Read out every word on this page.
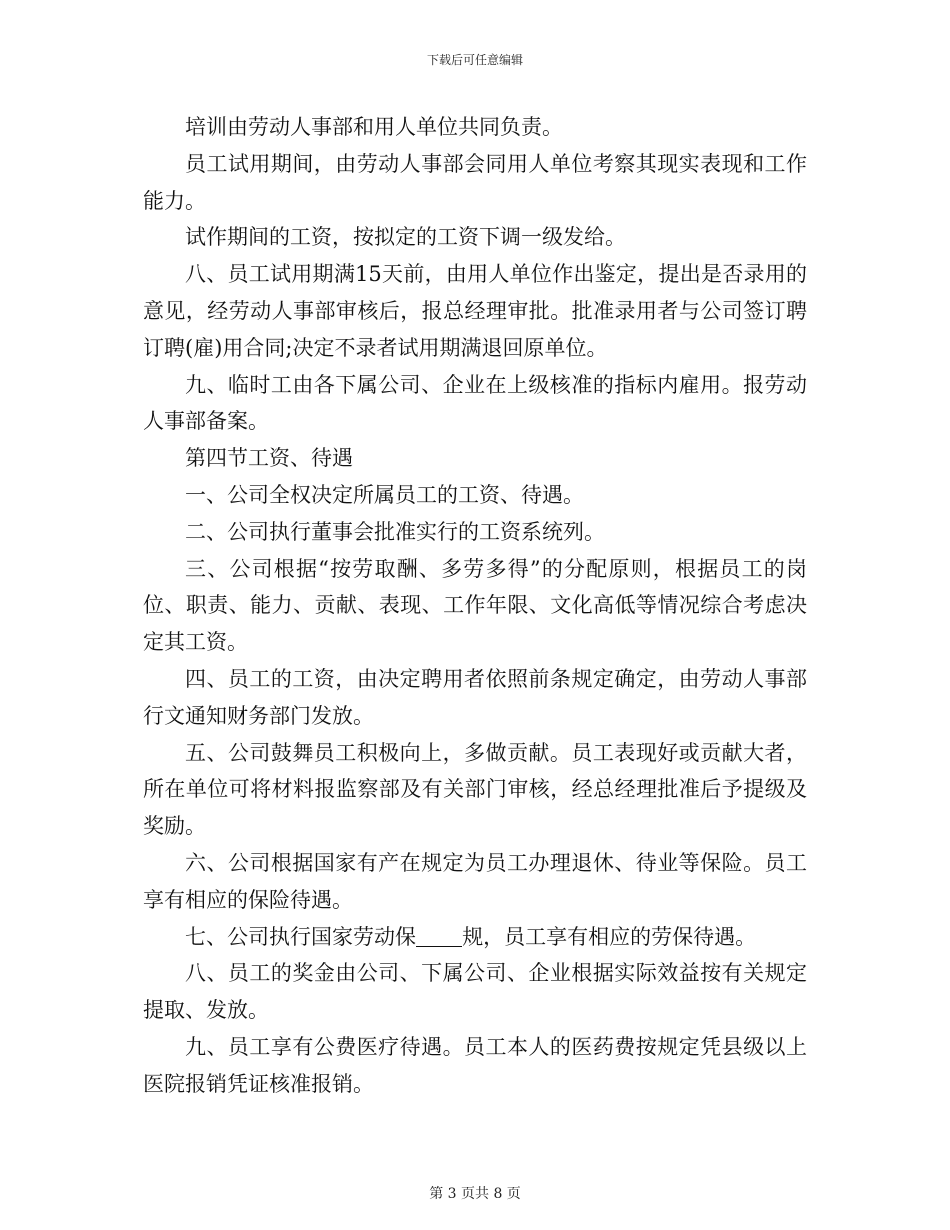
下载后可任意编辑

培训由劳动人事部和用人单位共同负责。

员工试用期间，由劳动人事部会同用人单位考察其现实表现和工作能力。

试作期间的工资，按拟定的工资下调一级发给。

八、员工试用期满15天前，由用人单位作出鉴定，提出是否录用的意见，经劳动人事部审核后，报总经理审批。批准录用者与公司签订聘订聘(雇)用合同;决定不录者试用期满退回原单位。

九、临时工由各下属公司、企业在上级核准的指标内雇用。报劳动人事部备案。

第四节工资、待遇

一、公司全权决定所属员工的工资、待遇。

二、公司执行董事会批准实行的工资系统列。

三、公司根据“按劳取酬、多劳多得”的分配原则，根据员工的岗位、职责、能力、贡献、表现、工作年限、文化高低等情况综合考虑决定其工资。

四、员工的工资，由决定聘用者依照前条规定确定，由劳动人事部行文通知财务部门发放。

五、公司鼓舞员工积极向上，多做贡献。员工表现好或贡献大者，所在单位可将材料报监察部及有关部门审核，经总经理批准后予提级及奖励。

六、公司根据国家有产在规定为员工办理退休、待业等保险。员工享有相应的保险待遇。

七、公司执行国家劳动保 规，员工享有相应的劳保待遇。

八、员工的奖金由公司、下属公司、企业根据实际效益按有关规定提取、发放。

九、员工享有公费医疗待遇。员工本人的医药费按规定凭县级以上医院报销凭证核准报销。

第 3 页共 8 页
